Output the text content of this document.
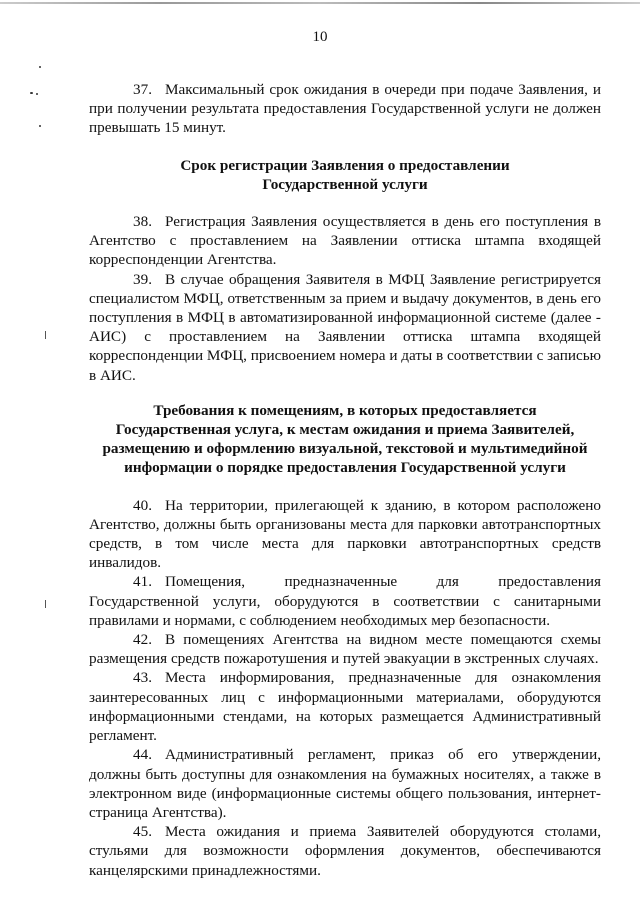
10

37. Максимальный срок ожидания в очереди при подаче Заявления, и при получении результата предоставления Государственной услуги не должен превышать 15 минут.

Срок регистрации Заявления о предоставлении

Государственной услуги

38. Регистрация Заявления осуществляется в день его поступления в Агентство с проставлением на Заявлении оттиска штампа входящей корреспонденции Агентства.

39. В случае обращения Заявителя в МФЦ Заявление регистрируется специалистом МФЦ, ответственным за прием и выдачу документов, в день его поступления в МФЦ в автоматизированной информационной системе (далее - АИС) с проставлением на Заявлении оттиска штампа входящей корреспонденции МФЦ, присвоением номера и даты в соответствии с записью в АИС.

Требования к помещениям, в которых предоставляется

Государственная услуга, к местам ожидания и приема Заявителей,

размещению и оформлению визуальной, текстовой и мультимедийной

информации о порядке предоставления Государственной услуги

40. На территории, прилегающей к зданию, в котором расположено Агентство, должны быть организованы места для парковки автотранспортных средств, в том числе места для парковки автотранспортных средств инвалидов.

41. Помещения, предназначенные для предоставления Государственной услуги, оборудуются в соответствии с санитарными правилами и нормами, с соблюдением необходимых мер безопасности.

42. В помещениях Агентства на видном месте помещаются схемы размещения средств пожаротушения и путей эвакуации в экстренных случаях.

43. Места информирования, предназначенные для ознакомления заинтересованных лиц с информационными материалами, оборудуются информационными стендами, на которых размещается Административный регламент.

44. Административный регламент, приказ об его утверждении, должны быть доступны для ознакомления на бумажных носителях, а также в электронном виде (информационные системы общего пользования, интернет-страница Агентства).

45. Места ожидания и приема Заявителей оборудуются столами, стульями для возможности оформления документов, обеспечиваются канцелярскими принадлежностями.
